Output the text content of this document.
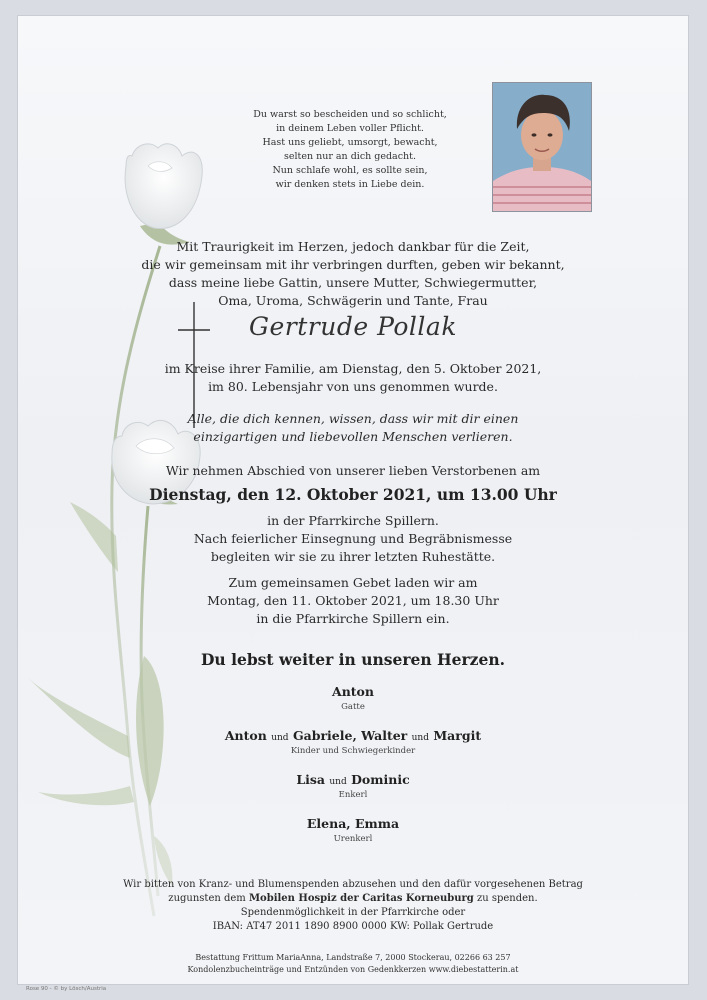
Du warst so bescheiden und so schlicht,
in deinem Leben voller Pflicht.
Hast uns geliebt, umsorgt, bewacht,
selten nur an dich gedacht.
Nun schlafe wohl, es sollte sein,
wir denken stets in Liebe dein.
Mit Traurigkeit im Herzen, jedoch dankbar für die Zeit,
die wir gemeinsam mit ihr verbringen durften, geben wir bekannt,
dass meine liebe Gattin, unsere Mutter, Schwiegermutter,
Oma, Uroma, Schwägerin und Tante, Frau
Gertrude Pollak
im Kreise ihrer Familie, am Dienstag, den 5. Oktober 2021,
im 80. Lebensjahr von uns genommen wurde.
Alle, die dich kennen, wissen, dass wir mit dir einen
einzigartigen und liebevollen Menschen verlieren.
Wir nehmen Abschied von unserer lieben Verstorbenen am
Dienstag, den 12. Oktober 2021, um 13.00 Uhr
in der Pfarrkirche Spillern.
Nach feierlicher Einsegnung und Begräbnismesse
begleiten wir sie zu ihrer letzten Ruhestätte.
Zum gemeinsamen Gebet laden wir am
Montag, den 11. Oktober 2021, um 18.30 Uhr
in die Pfarrkirche Spillern ein.
Du lebst weiter in unseren Herzen.
Anton
Gatte
Anton und Gabriele, Walter und Margit
Kinder und Schwiegerkinder
Lisa und Dominic
Enkerl
Elena, Emma
Urenkerl
Wir bitten von Kranz- und Blumenspenden abzusehen und den dafür vorgesehenen Betrag
zugunsten dem Mobilen Hospiz der Caritas Korneuburg zu spenden.
Spendenmöglichkeit in der Pfarrkirche oder
IBAN: AT47 2011 1890 8900 0000 KW: Pollak Gertrude
Bestattung Frittum MariaAnna, Landstraße 7, 2000 Stockerau, 02266 63 257
Kondolenzbucheinträge und Entzünden von Gedenkkerzen www.diebestatterin.at
Rose 90 - © by Lösch/Austria
